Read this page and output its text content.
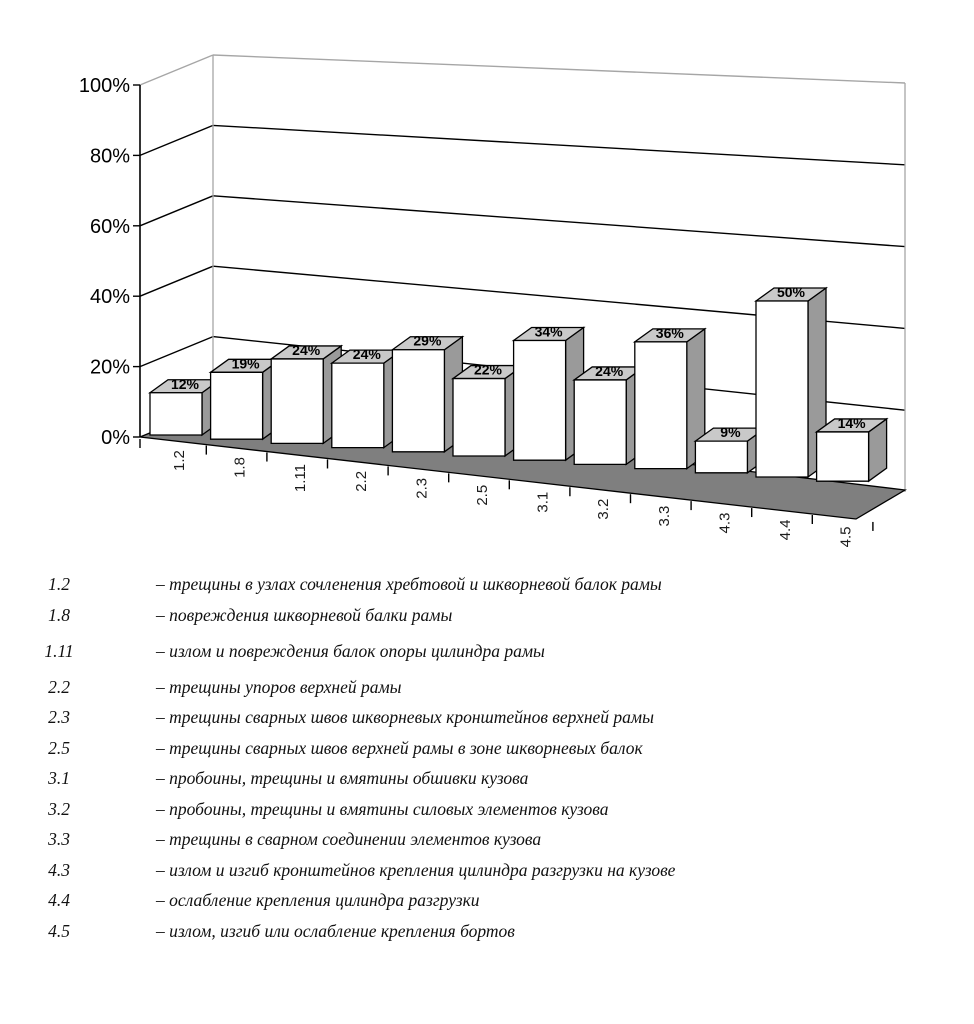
0%
20%
40%
60%
80%
100%
1.2	1.8	1.11	2.2	2.3	2.5	3.1	3.2	3.3	4.3	4.4	4.5
12%
19%
24% 24%
29%
22%
34%
24%
36%
9%
50%
14%
1.2	– трещины в узлах сочленения хребтовой и шкворневой балок рамы
1.8	– повреждения шкворневой балки рамы
1.11	– излом и повреждения балок опоры цилиндра рамы
2.2	– трещины упоров верхней рамы
2.3	– трещины сварных швов шкворневых кронштейнов верхней рамы
2.5	– трещины сварных швов верхней рамы в зоне шкворневых балок
3.1	– пробоины, трещины и вмятины обшивки кузова
3.2	– пробоины, трещины и вмятины силовых элементов кузова
3.3	– трещины в сварном соединении элементов кузова
4.3	– излом и изгиб кронштейнов крепления цилиндра разгрузки на кузове
4.4	– ослабление крепления цилиндра разгрузки
4.5	– излом, изгиб или ослабление крепления бортов
